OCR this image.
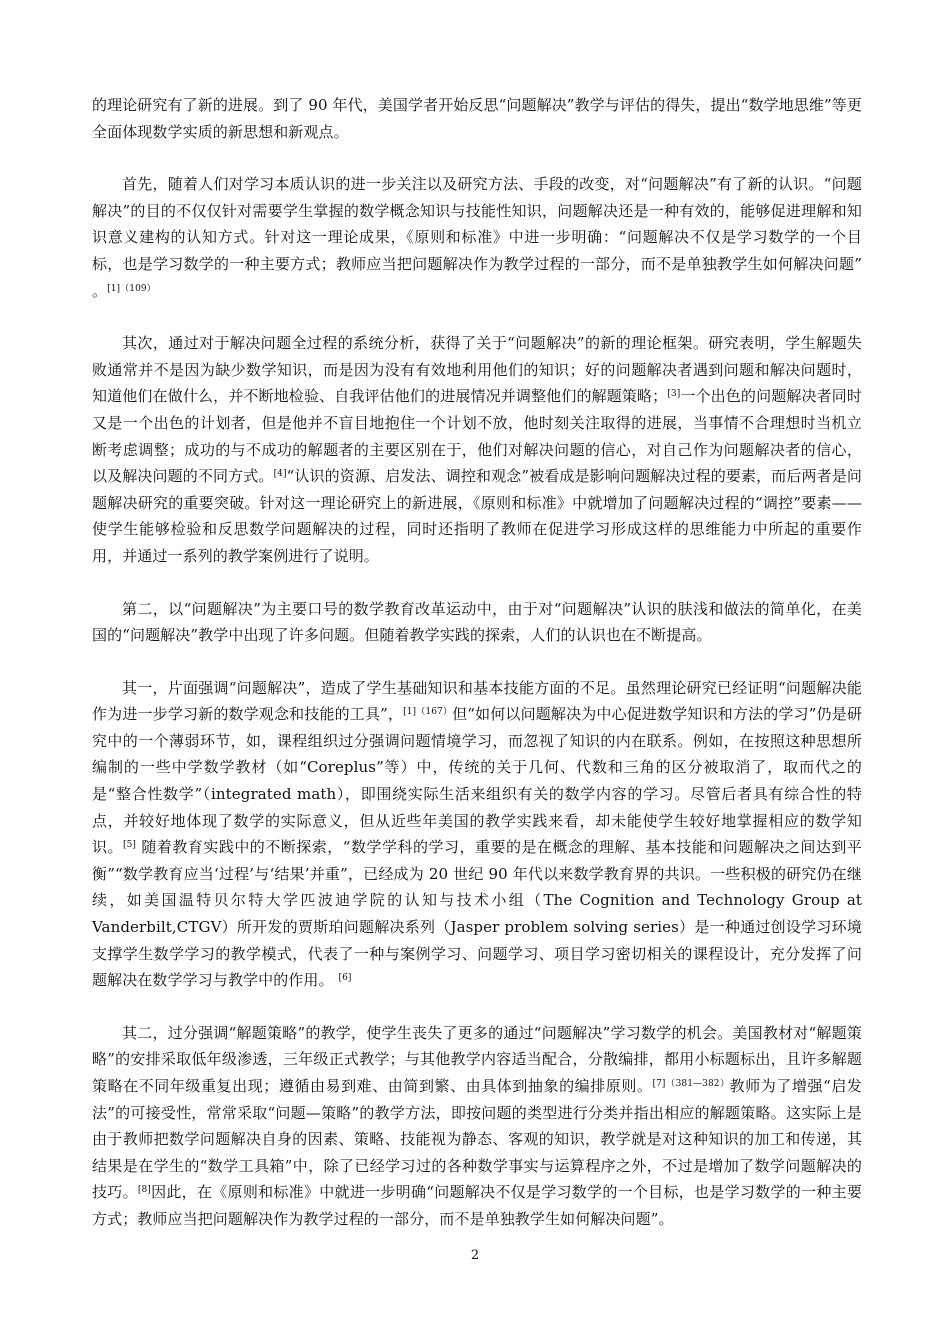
的理论研究有了新的进展。到了 90 年代，美国学者开始反思“问题解决”教学与评估的得失，提出“数学地思维”等更全面体现数学实质的新思想和新观点。

首先，随着人们对学习本质认识的进一步关注以及研究方法、手段的改变，对“问题解决”有了新的认识。“问题解决”的目的不仅仅针对需要学生掌握的数学概念知识与技能性知识，问题解决还是一种有效的，能够促进理解和知识意义建构的认知方式。针对这一理论成果，《原则和标准》中进一步明确：“问题解决不仅是学习数学的一个目标，也是学习数学的一种主要方式；教师应当把问题解决作为教学过程的一部分，而不是单独教学生如何解决问题” 。$^{[1](109)}$

其次，通过对于解决问题全过程的系统分析，获得了关于“问题解决”的新的理论框架。研究表明，学生解题失败通常并不是因为缺少数学知识，而是因为没有有效地利用他们的知识；好的问题解决者遇到问题和解决问题时，知道他们在做什么，并不断地检验、自我评估他们的进展情况并调整他们的解题策略；[3]一个出色的问题解决者同时又是一个出色的计划者，但是他并不盲目地抱住一个计划不放，他时刻关注取得的进展，当事情不合理想时当机立断考虑调整；成功的与不成功的解题者的主要区别在于，他们对解决问题的信心，对自己作为问题解决者的信心，以及解决问题的不同方式。[4]“认识的资源、启发法、调控和观念”被看成是影响问题解决过程的要素，而后两者是问题解决研究的重要突破。针对这一理论研究上的新进展，《原则和标准》中就增加了问题解决过程的“调控”要素——使学生能够检验和反思数学问题解决的过程，同时还指明了教师在促进学习形成这样的思维能力中所起的重要作用，并通过一系列的教学案例进行了说明。

第二，以“问题解决”为主要口号的数学教育改革运动中，由于对“问题解决”认识的肤浅和做法的简单化，在美国的“问题解决”教学中出现了许多问题。但随着教学实践的探索，人们的认识也在不断提高。

其一，片面强调“问题解决”，造成了学生基础知识和基本技能方面的不足。虽然理论研究已经证明“问题解决能作为进一步学习新的数学观念和技能的工具”，$^{[1](167)}$但“如何以问题解决为中心促进数学知识和方法的学习”仍是研究中的一个薄弱环节，如，课程组织过分强调问题情境学习，而忽视了知识的内在联系。例如，在按照这种思想所编制的一些中学数学教材（如“Coreplus”等）中，传统的关于几何、代数和三角的区分被取消了，取而代之的是“整合性数学”（integrated math），即围绕实际生活来组织有关的数学内容的学习。尽管后者具有综合性的特点，并较好地体现了数学的实际意义，但从近些年美国的教学实践来看，却未能使学生较好地掌握相应的数学知识。[5] 随着教育实践中的不断探索，“数学学科的学习，重要的是在概念的理解、基本技能和问题解决之间达到平衡”“数学教育应当‘过程’与‘结果’并重”，已经成为 20 世纪 90 年代以来数学教育界的共识。一些积极的研究仍在继续，如美国温特贝尔特大学匹波迪学院的认知与技术小组（The Cognition and Technology Group at Vanderbilt,CTGV）所开发的贾斯珀问题解决系列（Jasper problem solving series）是一种通过创设学习环境支撑学生数学学习的教学模式，代表了一种与案例学习、问题学习、项目学习密切相关的课程设计，充分发挥了问题解决在数学学习与教学中的作用。 [6]

其二，过分强调“解题策略”的教学，使学生丧失了更多的通过“问题解决”学习数学的机会。美国教材对“解题策略”的安排采取低年级渗透，三年级正式教学；与其他教学内容适当配合，分散编排，都用小标题标出，且许多解题策略在不同年级重复出现；遵循由易到难、由简到繁、由具体到抽象的编排原则。$^{[7](381—382)}$教师为了增强“启发法”的可接受性，常常采取“问题—策略”的教学方法，即按问题的类型进行分类并指出相应的解题策略。这实际上是由于教师把数学问题解决自身的因素、策略、技能视为静态、客观的知识，教学就是对这种知识的加工和传递，其结果是在学生的“数学工具箱”中，除了已经学习过的各种数学事实与运算程序之外，不过是增加了数学问题解决的技巧。[8]因此，在《原则和标准》中就进一步明确“问题解决不仅是学习数学的一个目标，也是学习数学的一种主要方式；教师应当把问题解决作为教学过程的一部分，而不是单独教学生如何解决问题”。

2
